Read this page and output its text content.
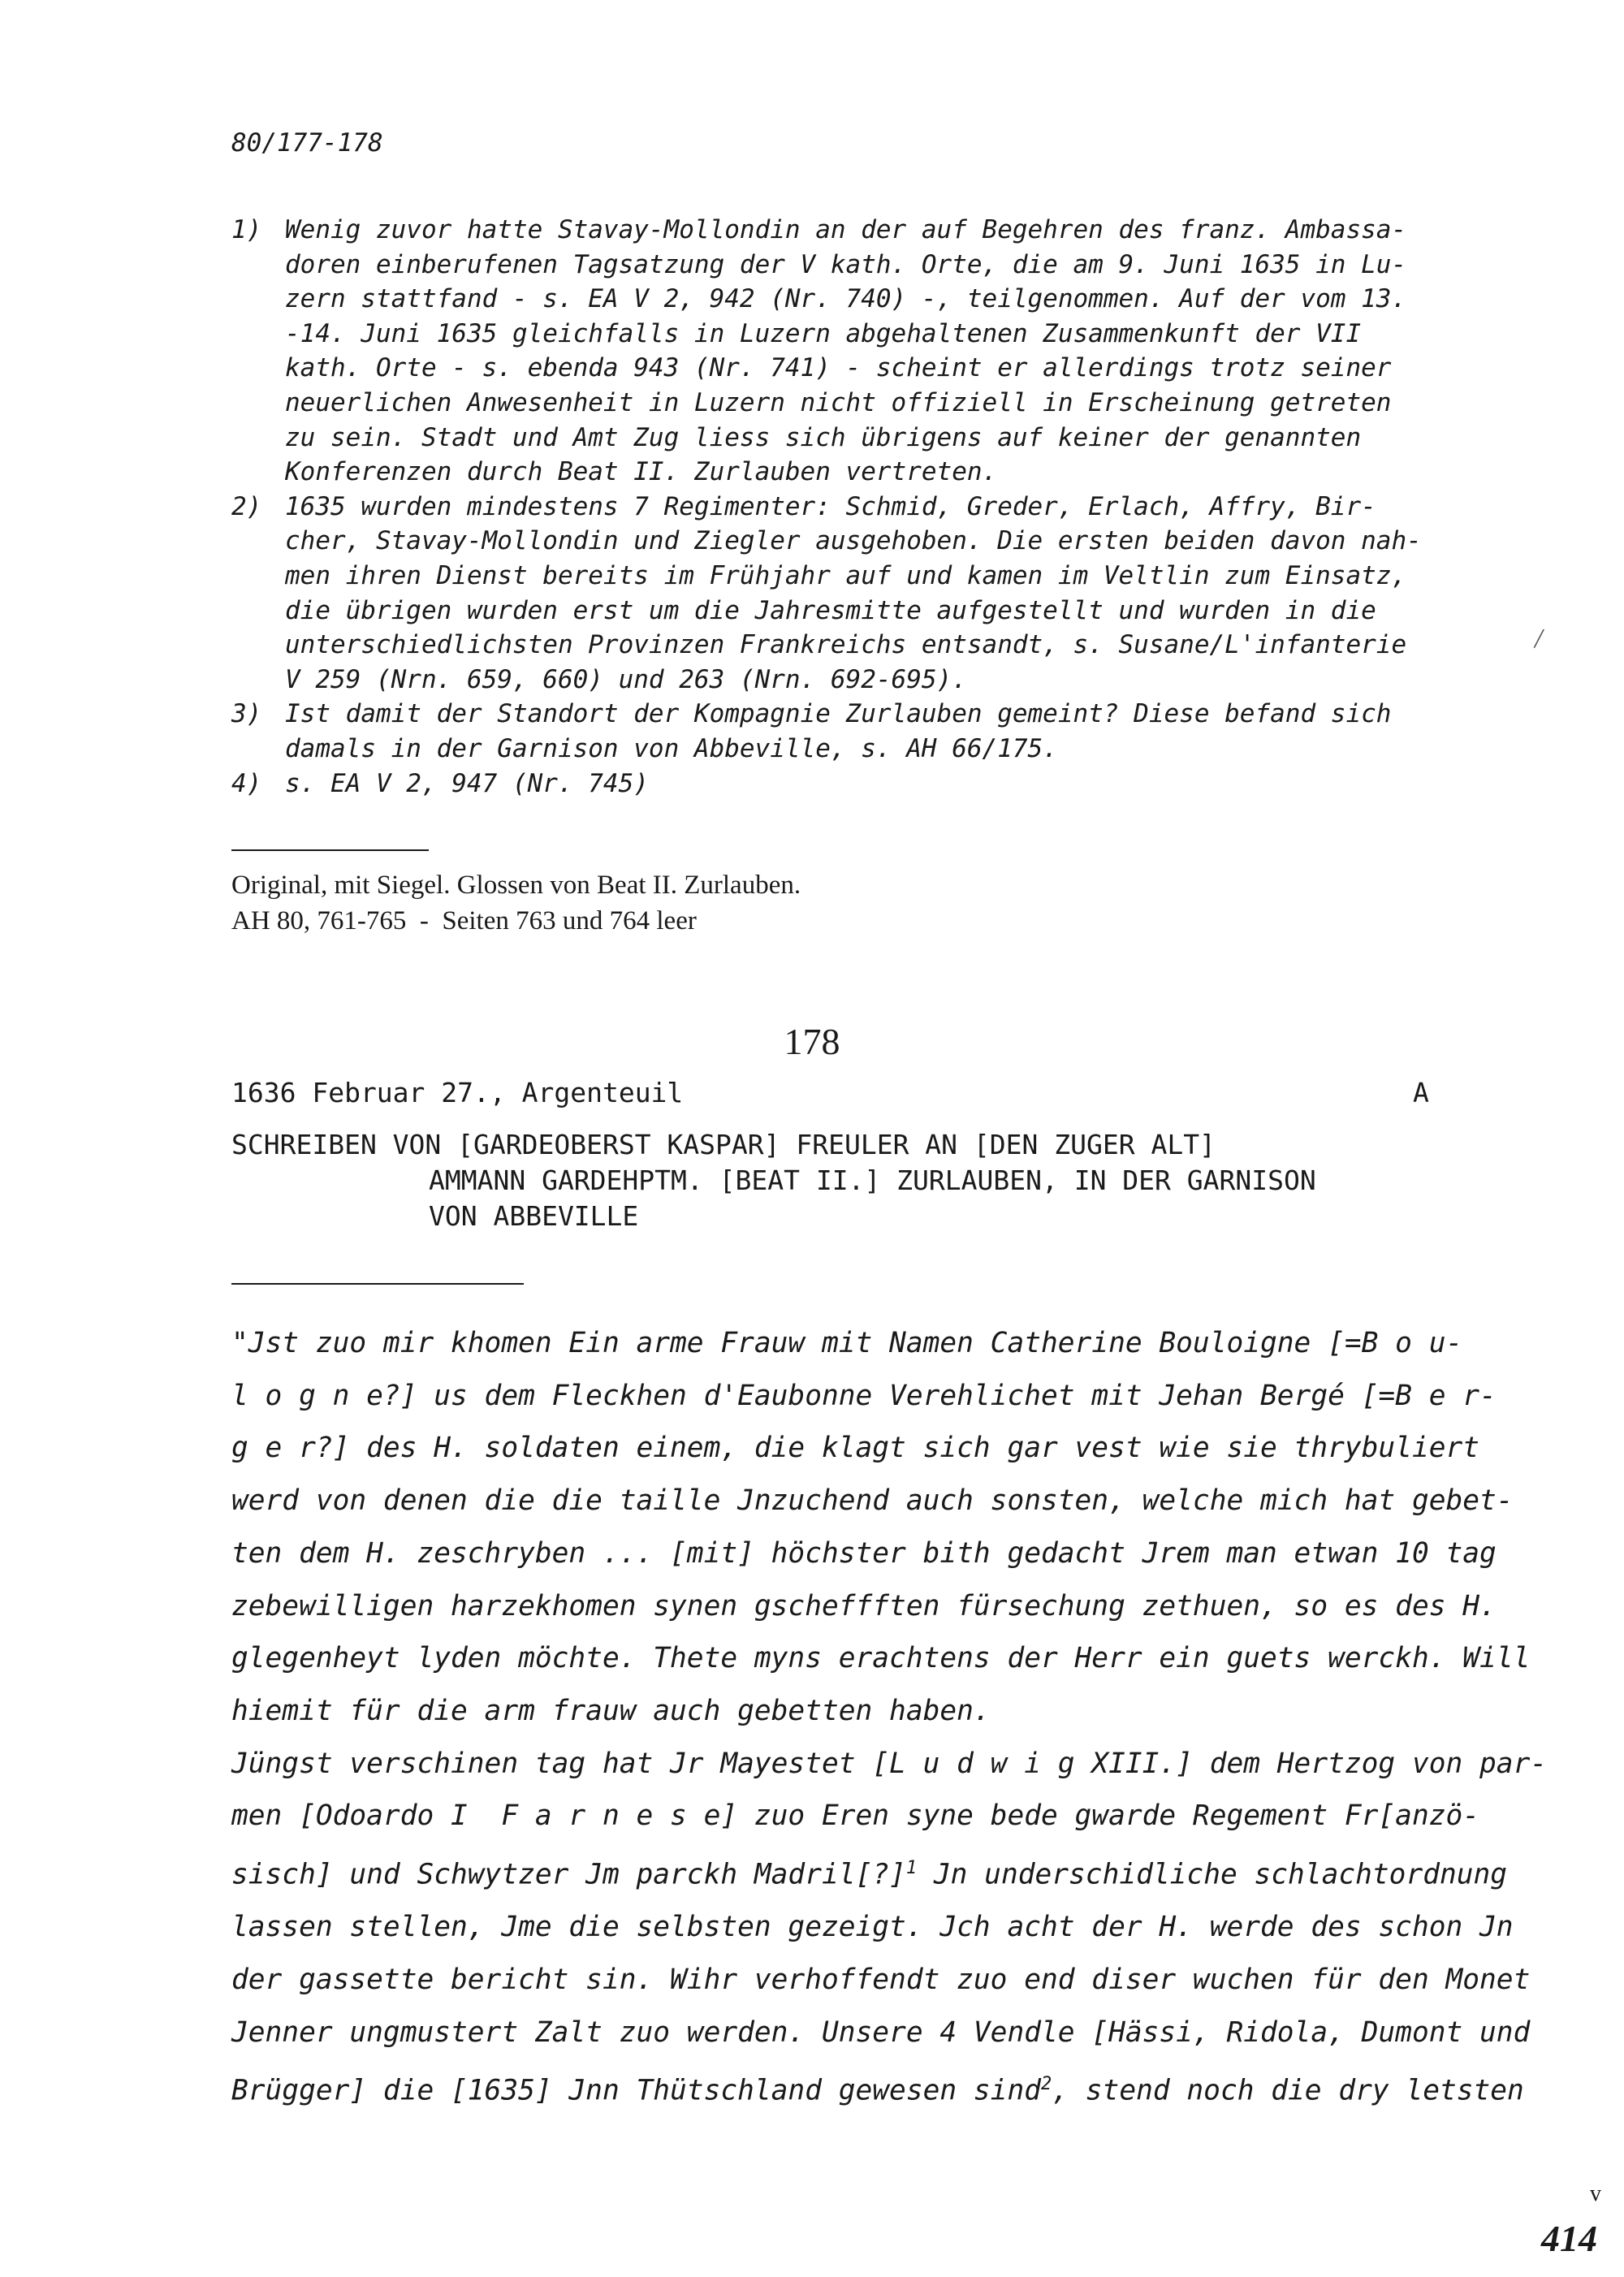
80/177-178
1) Wenig zuvor hatte Stavay-Mollondin an der auf Begehren des franz. Ambassa-
doren einberufenen Tagsatzung der V kath. Orte, die am 9. Juni 1635 in Lu-
zern stattfand - s. EA V 2, 942 (Nr. 740) -, teilgenommen. Auf der vom 13.
-14. Juni 1635 gleichfalls in Luzern abgehaltenen Zusammenkunft der VII
kath. Orte - s. ebenda 943 (Nr. 741) - scheint er allerdings trotz seiner
neuerlichen Anwesenheit in Luzern nicht offiziell in Erscheinung getreten
zu sein. Stadt und Amt Zug liess sich übrigens auf keiner der genannten
Konferenzen durch Beat II. Zurlauben vertreten.
2) 1635 wurden mindestens 7 Regimenter: Schmid, Greder, Erlach, Affry, Bir-
cher, Stavay-Mollondin und Ziegler ausgehoben. Die ersten beiden davon nah-
men ihren Dienst bereits im Frühjahr auf und kamen im Veltlin zum Einsatz,
die übrigen wurden erst um die Jahresmitte aufgestellt und wurden in die
unterschiedlichsten Provinzen Frankreichs entsandt, s. Susane/L'infanterie
V 259 (Nrn. 659, 660) und 263 (Nrn. 692-695).
3) Ist damit der Standort der Kompagnie Zurlauben gemeint? Diese befand sich
damals in der Garnison von Abbeville, s. AH 66/175.
4) s. EA V 2, 947 (Nr. 745)
/
Original, mit Siegel. Glossen von Beat II. Zurlauben.
AH 80, 761-765  -  Seiten 763 und 764 leer
178
1636 Februar 27., Argenteuil	A
SCHREIBEN VON [GARDEOBERST KASPAR] FREULER AN [DEN ZUGER ALT]
AMMANN GARDEHPTM. [BEAT II.] ZURLAUBEN, IN DER GARNISON
VON ABBEVILLE
"Jst zuo mir khomen Ein arme Frauw mit Namen Catherine Bouloigne [=B o u-
l o g n e?] us dem Fleckhen d'Eaubonne Verehlichet mit Jehan Bergé [=B e r-
g e r?] des H. soldaten einem, die klagt sich gar vest wie sie thrybuliert
werd von denen die die taille Jnzuchend auch sonsten, welche mich hat gebet-
ten dem H. zeschryben ... [mit] höchster bith gedacht Jrem man etwan 10 tag
zebewilligen harzekhomen synen gscheffften fürsechung zethuen, so es des H.
glegenheyt lyden möchte. Thete myns erachtens der Herr ein guets werckh. Will
hiemit für die arm frauw auch gebetten haben.
Jüngst verschinen tag hat Jr Mayestet [L u d w i g XIII.] dem Hertzog von par-
men [Odoardo I  F a r n e s e] zuo Eren syne bede gwarde Regement Fr[anzö-
sisch] und Schwytzer Jm parckh Madril[?]$^1$ Jn underschidliche schlachtordnung
lassen stellen, Jme die selbsten gezeigt. Jch acht der H. werde des schon Jn
der gassette bericht sin. Wihr verhoffendt zuo end diser wuchen für den Monet
Jenner ungmustert Zalt zuo werden. Unsere 4 Vendle [Hässi, Ridola, Dumont und
Brügger] die [1635] Jnn Thütschland gewesen sind$^2$, stend noch die dry letsten
v
414
